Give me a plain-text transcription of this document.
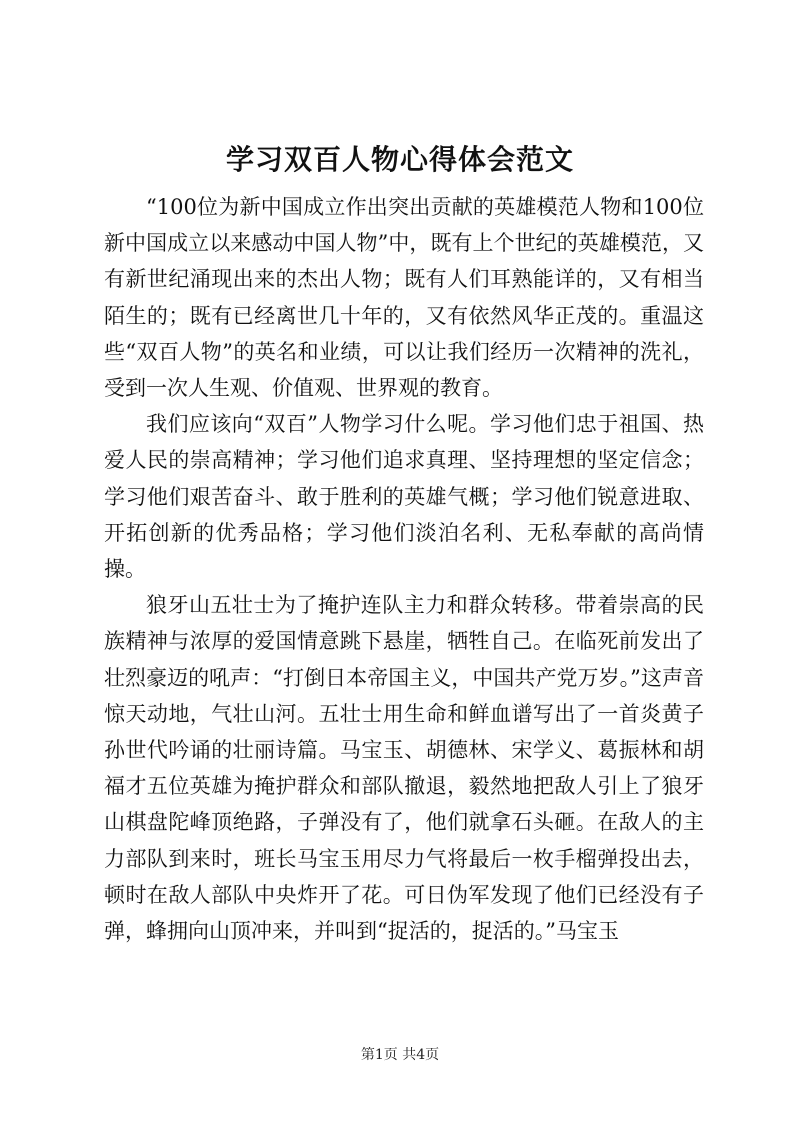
学习双百人物心得体会范文

“100位为新中国成立作出突出贡献的英雄模范人物和100位新中国成立以来感动中国人物”中，既有上个世纪的英雄模范，又有新世纪涌现出来的杰出人物；既有人们耳熟能详的，又有相当陌生的；既有已经离世几十年的，又有依然风华正茂的。重温这些“双百人物”的英名和业绩，可以让我们经历一次精神的洗礼，受到一次人生观、价值观、世界观的教育。

我们应该向“双百”人物学习什么呢。学习他们忠于祖国、热爱人民的崇高精神；学习他们追求真理、坚持理想的坚定信念；学习他们艰苦奋斗、敢于胜利的英雄气概；学习他们锐意进取、开拓创新的优秀品格；学习他们淡泊名利、无私奉献的高尚情操。

狼牙山五壮士为了掩护连队主力和群众转移。带着崇高的民族精神与浓厚的爱国情意跳下悬崖，牺牲自己。在临死前发出了壮烈豪迈的吼声：“打倒日本帝国主义，中国共产党万岁。”这声音惊天动地，气壮山河。五壮士用生命和鲜血谱写出了一首炎黄子孙世代吟诵的壮丽诗篇。马宝玉、胡德林、宋学义、葛振林和胡福才五位英雄为掩护群众和部队撤退，毅然地把敌人引上了狼牙山棋盘陀峰顶绝路，子弹没有了，他们就拿石头砸。在敌人的主力部队到来时，班长马宝玉用尽力气将最后一枚手榴弹投出去，顿时在敌人部队中央炸开了花。可日伪军发现了他们已经没有子弹，蜂拥向山顶冲来，并叫到“捉活的，捉活的。”马宝玉

第1页 共4页
